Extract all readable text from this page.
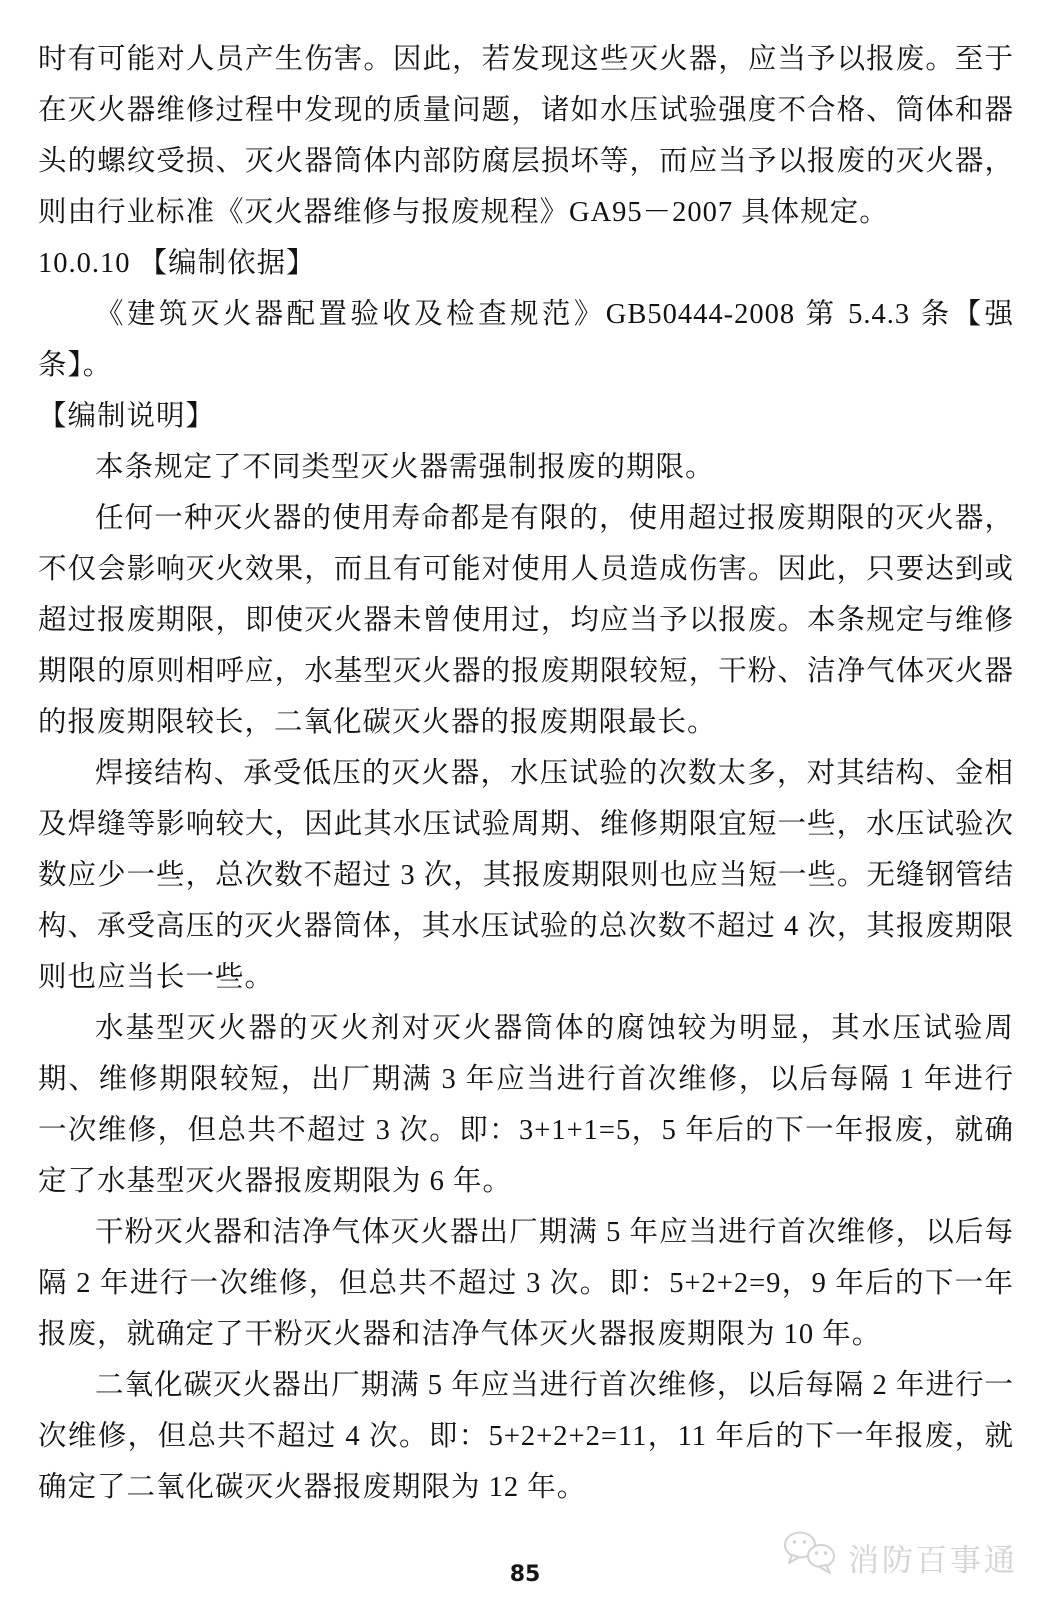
时有可能对人员产生伤害。因此，若发现这些灭火器，应当予以报废。至于在灭火器维修过程中发现的质量问题，诸如水压试验强度不合格、筒体和器头的螺纹受损、灭火器筒体内部防腐层损坏等，而应当予以报废的灭火器，则由行业标准《灭火器维修与报废规程》GA95－2007 具体规定。

10.0.10 【编制依据】

《建筑灭火器配置验收及检查规范》GB50444-2008 第 5.4.3 条【强条】。

【编制说明】

本条规定了不同类型灭火器需强制报废的期限。

任何一种灭火器的使用寿命都是有限的，使用超过报废期限的灭火器，不仅会影响灭火效果，而且有可能对使用人员造成伤害。因此，只要达到或超过报废期限，即使灭火器未曾使用过，均应当予以报废。本条规定与维修期限的原则相呼应，水基型灭火器的报废期限较短，干粉、洁净气体灭火器的报废期限较长，二氧化碳灭火器的报废期限最长。

焊接结构、承受低压的灭火器，水压试验的次数太多，对其结构、金相及焊缝等影响较大，因此其水压试验周期、维修期限宜短一些，水压试验次数应少一些，总次数不超过 3 次，其报废期限则也应当短一些。无缝钢管结构、承受高压的灭火器筒体，其水压试验的总次数不超过 4 次，其报废期限则也应当长一些。

水基型灭火器的灭火剂对灭火器筒体的腐蚀较为明显，其水压试验周期、维修期限较短，出厂期满 3 年应当进行首次维修，以后每隔 1 年进行一次维修，但总共不超过 3 次。即：3+1+1=5，5 年后的下一年报废，就确定了水基型灭火器报废期限为 6 年。

干粉灭火器和洁净气体灭火器出厂期满 5 年应当进行首次维修，以后每隔 2 年进行一次维修，但总共不超过 3 次。即：5+2+2=9，9 年后的下一年报废，就确定了干粉灭火器和洁净气体灭火器报废期限为 10 年。

二氧化碳灭火器出厂期满 5 年应当进行首次维修，以后每隔 2 年进行一次维修，但总共不超过 4 次。即：5+2+2+2=11，11 年后的下一年报废，就确定了二氧化碳灭火器报废期限为 12 年。

消防百事通
85
